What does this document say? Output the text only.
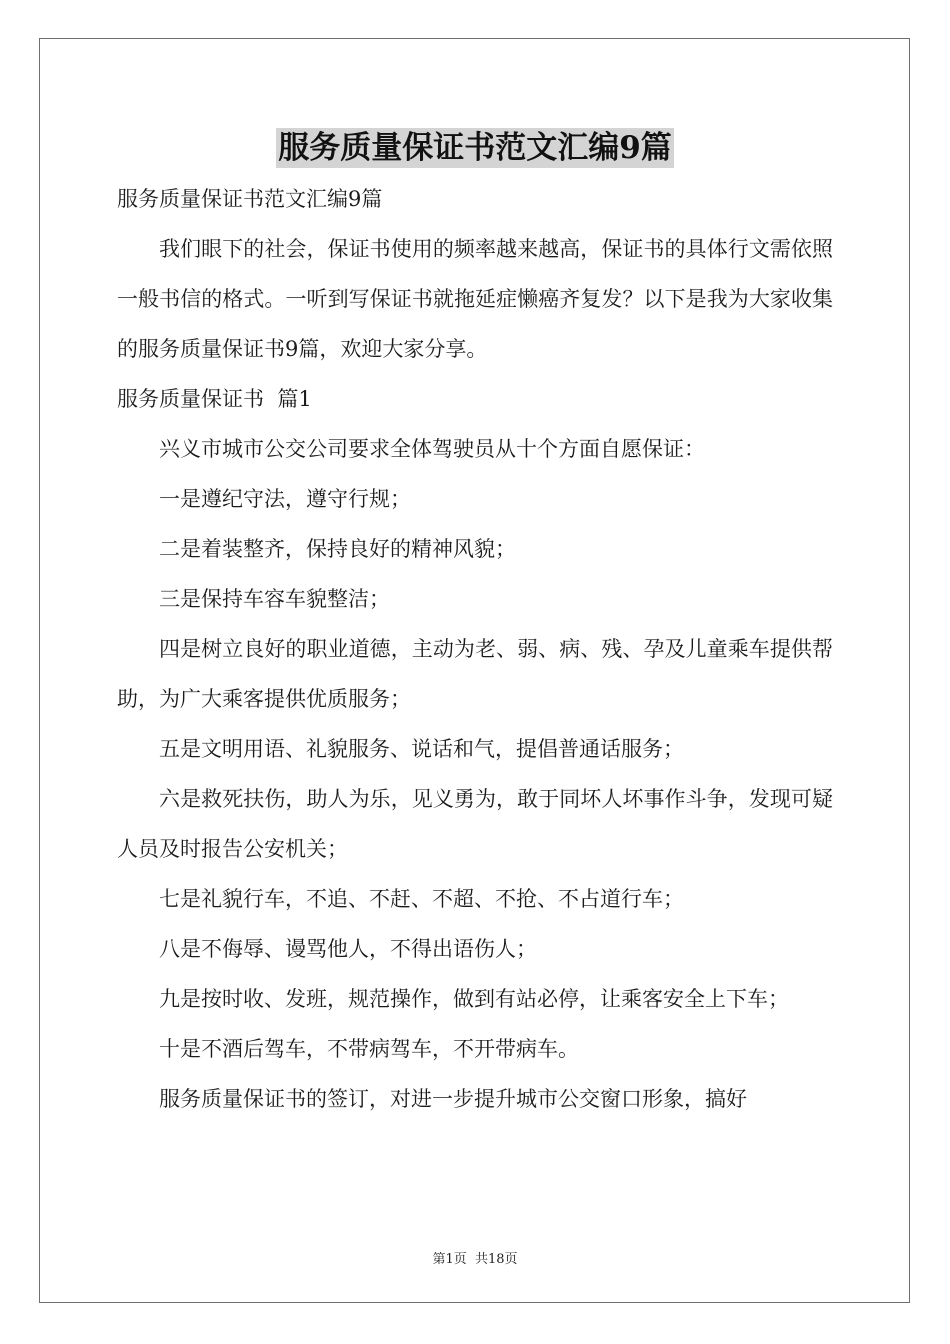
服务质量保证书范文汇编9篇

服务质量保证书范文汇编9篇

我们眼下的社会，保证书使用的频率越来越高，保证书的具体行文需依照一般书信的格式。一听到写保证书就拖延症懒癌齐复发？以下是我为大家收集的服务质量保证书9篇，欢迎大家分享。

服务质量保证书  篇1

兴义市城市公交公司要求全体驾驶员从十个方面自愿保证：

一是遵纪守法，遵守行规；

二是着装整齐，保持良好的精神风貌；

三是保持车容车貌整洁；

四是树立良好的职业道德，主动为老、弱、病、残、孕及儿童乘车提供帮助，为广大乘客提供优质服务；

五是文明用语、礼貌服务、说话和气，提倡普通话服务；

六是救死扶伤，助人为乐，见义勇为，敢于同坏人坏事作斗争，发现可疑人员及时报告公安机关；

七是礼貌行车，不追、不赶、不超、不抢、不占道行车；

八是不侮辱、谩骂他人，不得出语伤人；

九是按时收、发班，规范操作，做到有站必停，让乘客安全上下车；

十是不酒后驾车，不带病驾车，不开带病车。

服务质量保证书的签订，对进一步提升城市公交窗口形象，搞好

第1页  共18页
